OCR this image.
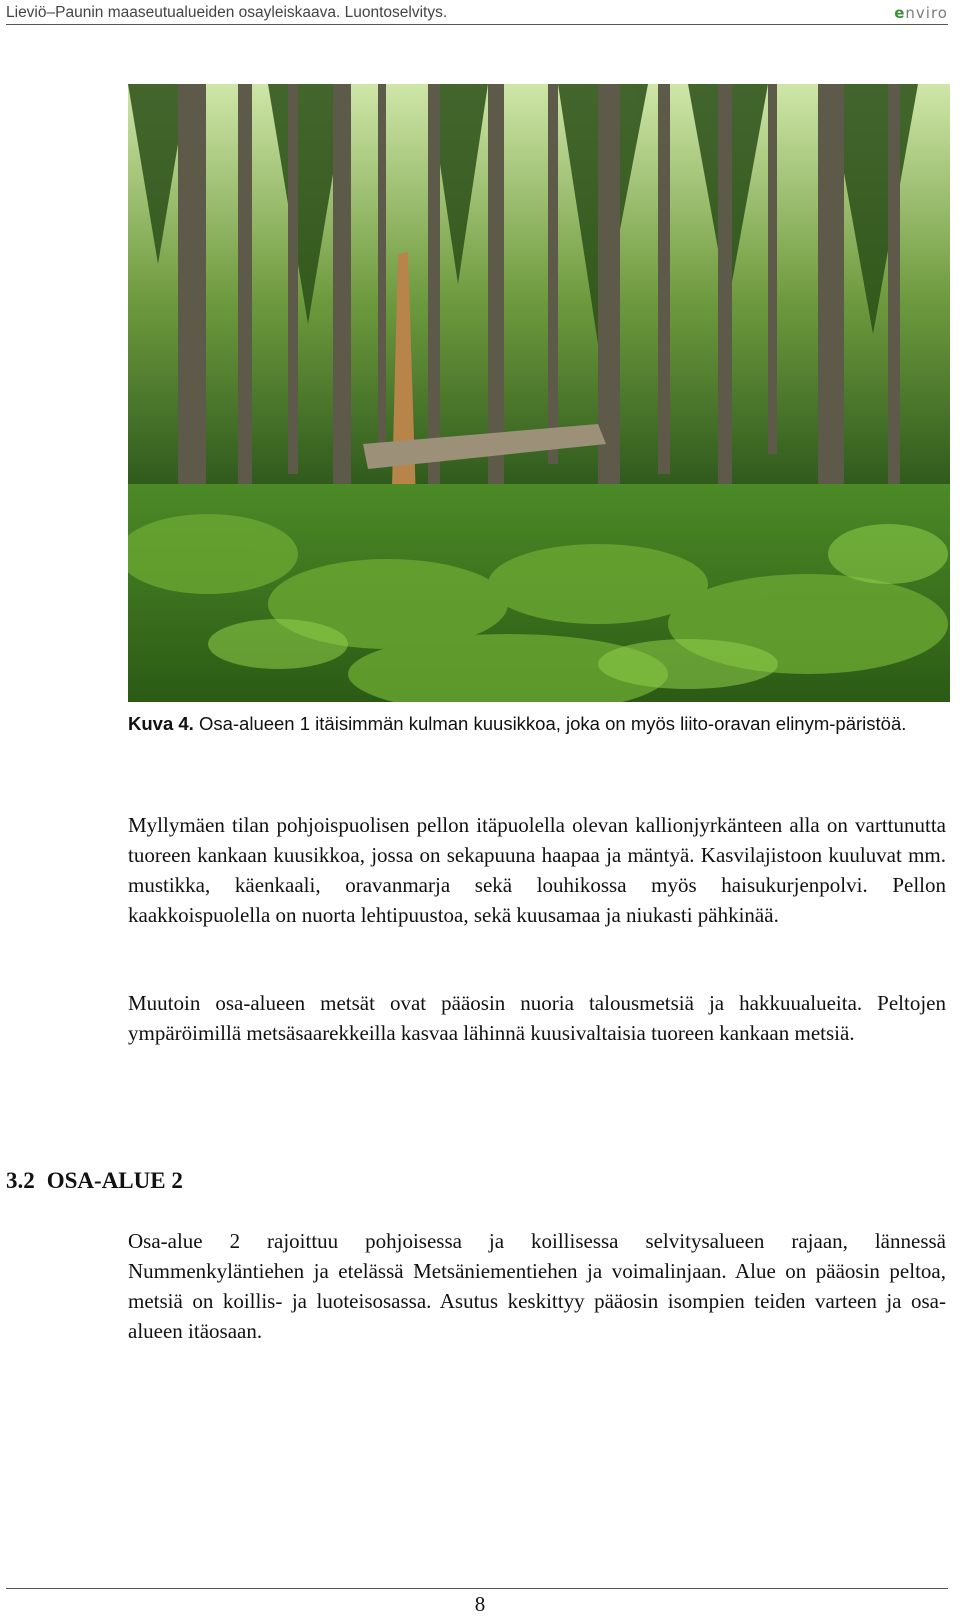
Lieviö–Paunin maaseutualueiden osayleiskaava. Luontoselvitys.	enviro
Kuva 4. Osa-alueen 1 itäisimmän kulman kuusikkoa, joka on myös liito-oravan elinym-päristöä.

Myllymäen tilan pohjoispuolisen pellon itäpuolella olevan kallionjyrkänteen alla on varttunutta tuoreen kankaan kuusikkoa, jossa on sekapuuna haapaa ja mäntyä. Kasvilajistoon kuuluvat mm. mustikka, käenkaali, oravanmarja sekä louhikossa myös haisukurjenpolvi. Pellon kaakkoispuolella on nuorta lehtipuustoa, sekä kuusamaa ja niukasti pähkinää.

Muutoin osa-alueen metsät ovat pääosin nuoria talousmetsiä ja hakkuualueita. Peltojen ympäröimillä metsäsaarekkeilla kasvaa lähinnä kuusivaltaisia tuoreen kankaan metsiä.

3.2 OSA-ALUE 2

Osa-alue 2 rajoittuu pohjoisessa ja koillisessa selvitysalueen rajaan, lännessä Nummenkyläntiehen ja etelässä Metsäniementiehen ja voimalinjaan. Alue on pääosin peltoa, metsiä on koillis- ja luoteisosassa. Asutus keskittyy pääosin isompien teiden varteen ja osa-alueen itäosaan.

8
